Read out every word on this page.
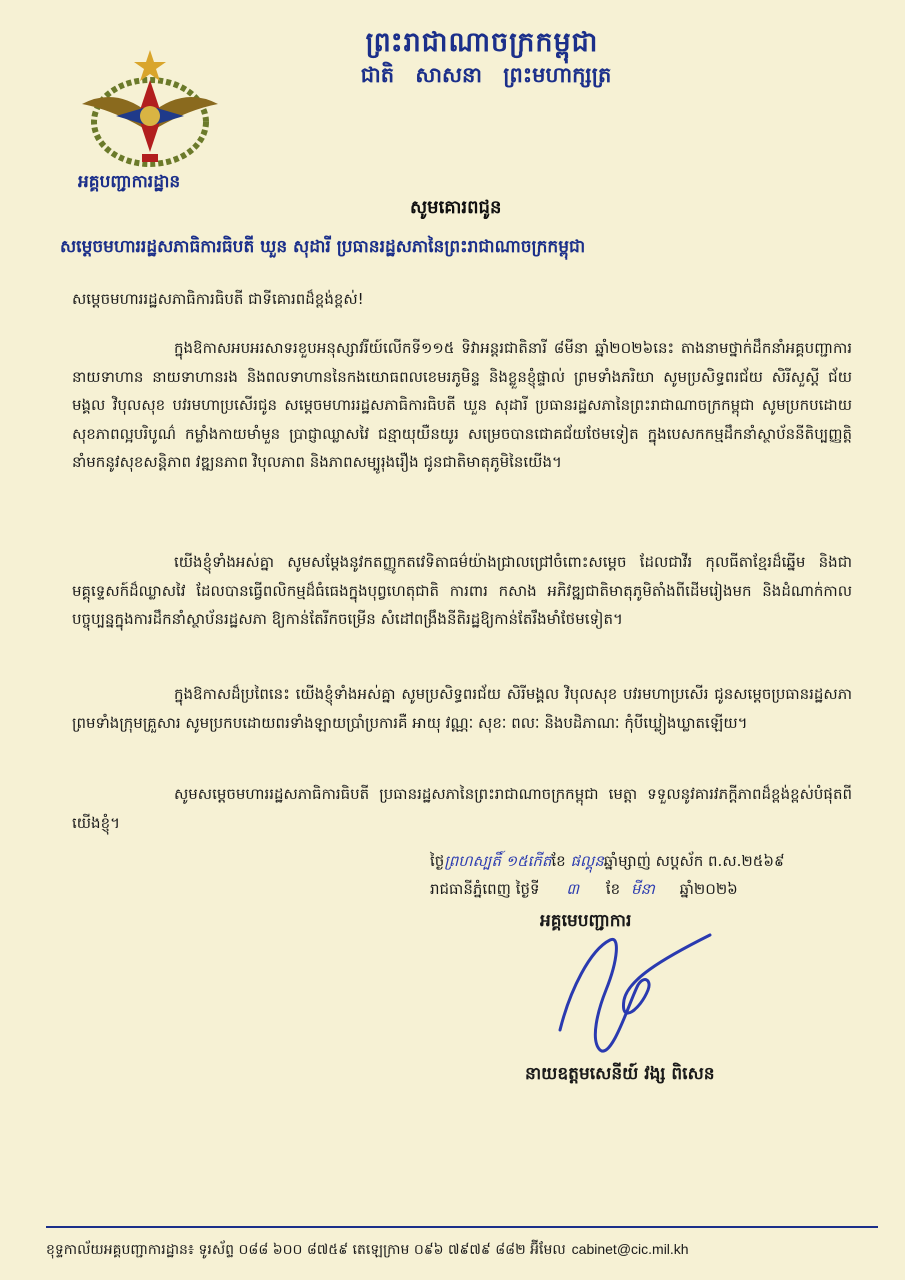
ព្រះរាជាណាចក្រកម្ពុជា
ជាតិ សាសនា ព្រះមហាក្សត្រ
អគ្គបញ្ជាការដ្ឋាន
សូមគោរពជូន
សម្តេចមហាររដ្ឋសភាធិការធិបតី ឃួន សុដារី ប្រធានរដ្ឋសភានៃព្រះរាជាណាចក្រកម្ពុជា
សម្តេចមហាររដ្ឋសភាធិការធិបតី ជាទីគោរពដ៏ខ្ពង់ខ្ពស់!
ក្នុងឱកាសអបអរសាទរខួបអនុស្សាវរីយ៍លើកទី១១៥ ទិវាអន្តរជាតិនារី ៨មីនា ឆ្នាំ២០២៦នេះ តាងនាមថ្នាក់ដឹកនាំអគ្គបញ្ជាការ នាយទាហាន នាយទាហានរង និងពលទាហាននៃកងយោធពលខេមរភូមិន្ទ និងខ្លួនខ្ញុំផ្ទាល់ ព្រមទាំងភរិយា សូមប្រសិទ្ធពរជ័យ សិរីសួស្តី ជ័យមង្គល វិបុលសុខ បវរមហាប្រសើរជូន សម្តេចមហាររដ្ឋសភាធិការធិបតី ឃួន សុដារី ប្រធានរដ្ឋសភានៃព្រះរាជាណាចក្រកម្ពុជា សូមប្រកបដោយ សុខភាពល្អបរិបូណ៌ កម្លាំងកាយមាំមួន ប្រាជ្ញាឈ្លាសវៃ ជន្មាយុយឺនយូរ សម្រេចបានជោគជ័យថែមទៀត ក្នុងបេសកកម្មដឹកនាំស្ថាប័ននីតិប្បញ្ញត្តិ នាំមកនូវសុខសន្តិភាព វឌ្ឍនភាព វិបុលភាព និងភាពសម្បូរុងរឿង ជូនជាតិមាតុភូមិនៃយើង។
យើងខ្ញុំទាំងអស់គ្នា សូមសម្តែងនូវកតញ្ញូកតវេទិតាធម៌យ៉ាងជ្រាលជ្រៅចំពោះសម្តេច ដែលជាវីរ កុលធីតាខ្មែរដ៏ឆ្នើម និងជាមគ្គុទ្ទេសក៍ដ៏ឈ្លាសវៃ ដែលបានធ្វើពលិកម្មដ៏ធំធេងក្នុងបុព្វហេតុជាតិ ការពារ កសាង អភិវឌ្ឍជាតិមាតុភូមិតាំងពីដើមរៀងមក និងដំណាក់កាលបច្ចុប្បន្នក្នុងការដឹកនាំស្ថាប័នរដ្ឋសភា ឱ្យកាន់តែរីកចម្រើន សំដៅពង្រឹងនីតិរដ្ឋឱ្យកាន់តែរឹងមាំថែមទៀត។
ក្នុងឱកាសដ៏ប្រពៃនេះ យើងខ្ញុំទាំងអស់គ្នា សូមប្រសិទ្ធពរជ័យ សិរីមង្គល វិបុលសុខ បវរមហាប្រសើរ ជូនសម្តេចប្រធានរដ្ឋសភា ព្រមទាំងក្រុមគ្រួសារ សូមប្រកបដោយពរទាំងឡាយប្រាំប្រការគឺ អាយុ វណ្ណៈ សុខៈ ពលៈ និងបដិភាណៈ កុំបីឃ្លៀងឃ្លាតឡើយ។
សូមសម្តេចមហាររដ្ឋសភាធិការធិបតី ប្រធានរដ្ឋសភានៃព្រះរាជាណាចក្រកម្ពុជា មេត្តា ទទួលនូវគារវភក្តីភាពដ៏ខ្ពង់ខ្ពស់បំផុតពីយើងខ្ញុំ។
ថ្ងៃព្រហស្បតិ៍ ១៥កើតខែ ផល្គុនឆ្នាំម្សាញ់ សប្តស័ក ព.ស.២៥៦៩
រាជធានីភ្នំពេញ ថ្ងៃទី ៣ ខែ មីនា ឆ្នាំ២០២៦
អគ្គមេបញ្ជាការ
នាយឧត្តមសេនីយ៍ វង្ស ពិសេន
ខុទ្ទកាល័យអគ្គបញ្ជាការដ្ឋាន៖ ទូរស័ព្ទ ០៨៨ ៦០០ ៨៧៥៩ តេឡេក្រាម ០៩៦ ៧៩៧៩ ៨៨២ អ៊ីមែល cabinet@cic.mil.kh
